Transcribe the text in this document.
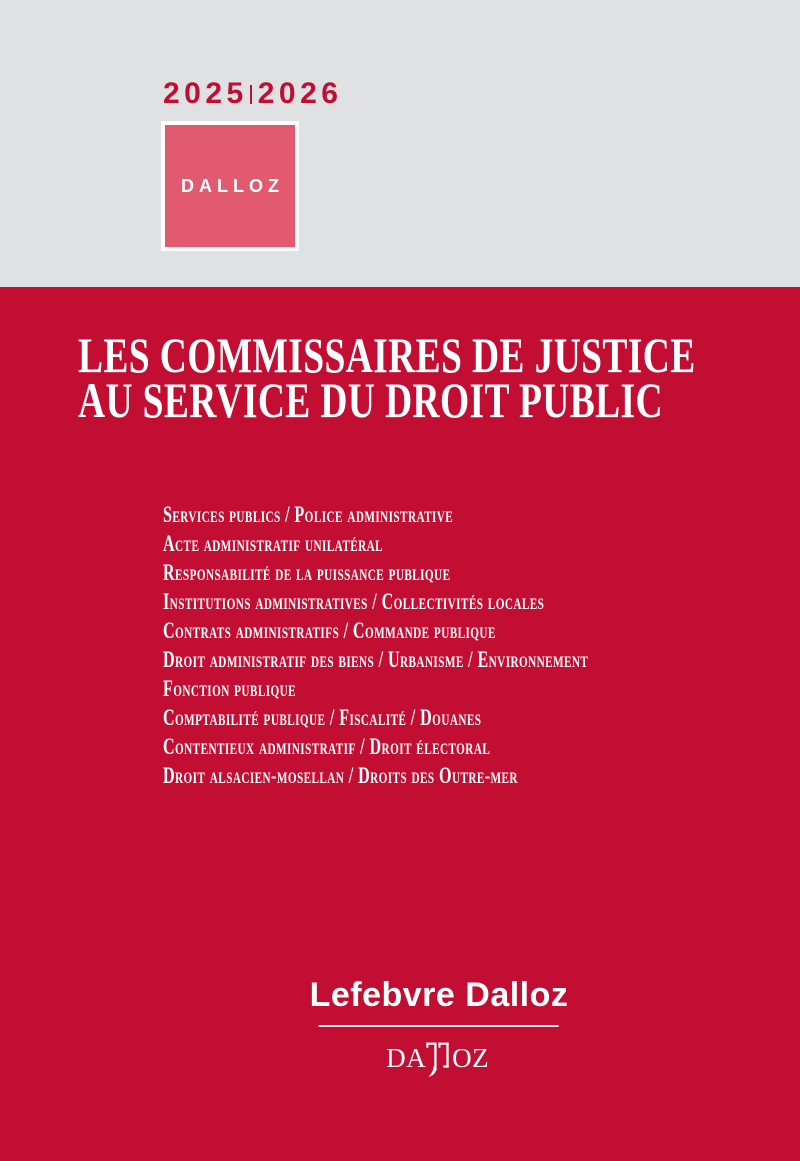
2025 2026
DALLOZ
LES COMMISSAIRES DE JUSTICE
AU SERVICE DU DROIT PUBLIC
Services publics / Police administrative
Acte administratif unilatéral
Responsabilité de la puissance publique
Institutions administratives / Collectivités locales
Contrats administratifs / Commande publique
Droit administratif des biens / Urbanisme / Environnement
Fonction publique
Comptabilité publique / Fiscalité / Douanes
Contentieux administratif / Droit électoral
Droit alsacien-mosellan / Droits des Outre-mer
Lefebvre Dalloz
DA OZ
